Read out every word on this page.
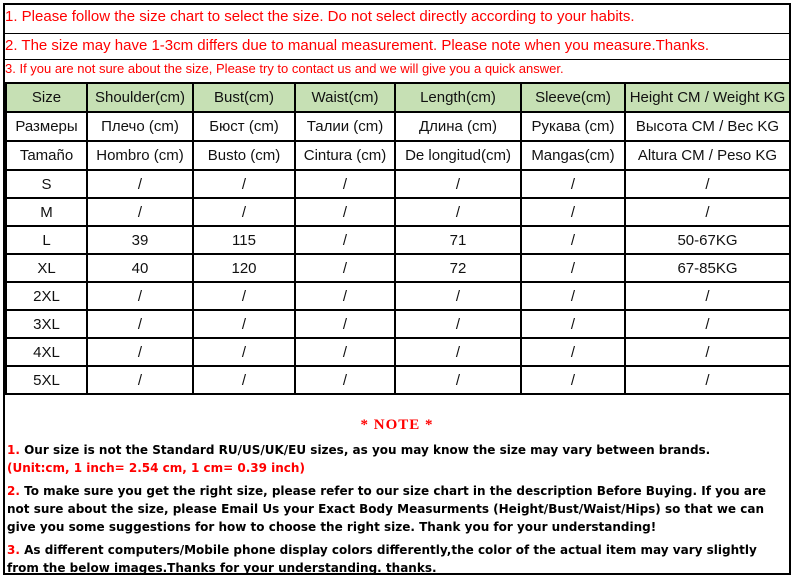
1. Please follow the size chart to select the size. Do not select directly according to your habits.
2. The size may have 1-3cm differs due to manual measurement. Please note when you measure.Thanks.
3. If you are not sure about the size, Please try to contact us and we will give you a quick answer.
Size	Shoulder(cm)	Bust(cm)	Waist(cm)	Length(cm)	Sleeve(cm)	Height CM / Weight KG
Размеры	Плечо (cm)	Бюст (cm)	Талии (cm)	Длина (cm)	Рукава (cm)	Высота CM / Вес KG
Tamaño	Hombro (cm)	Busto (cm)	Cintura (cm)	De longitud(cm)	Mangas(cm)	Altura CM / Peso KG
S	/	/	/	/	/	/
M	/	/	/	/	/	/
L	39	115	/	71	/	50-67KG
XL	40	120	/	72	/	67-85KG
2XL	/	/	/	/	/	/
3XL	/	/	/	/	/	/
4XL	/	/	/	/	/	/
5XL	/	/	/	/	/	/
* NOTE *
1. Our size is not the Standard RU/US/UK/EU sizes, as you may know the size may vary between brands.
(Unit:cm, 1 inch= 2.54 cm, 1 cm= 0.39 inch)
2. To make sure you get the right size, please refer to our size chart in the description Before Buying. If you are
not sure about the size, please Email Us your Exact Body Measurments (Height/Bust/Waist/Hips) so that we can
give you some suggestions for how to choose the right size. Thank you for your understanding!
3. As different computers/Mobile phone display colors differently,the color of the actual item may vary slightly
from the below images.Thanks for your understanding. thanks.
